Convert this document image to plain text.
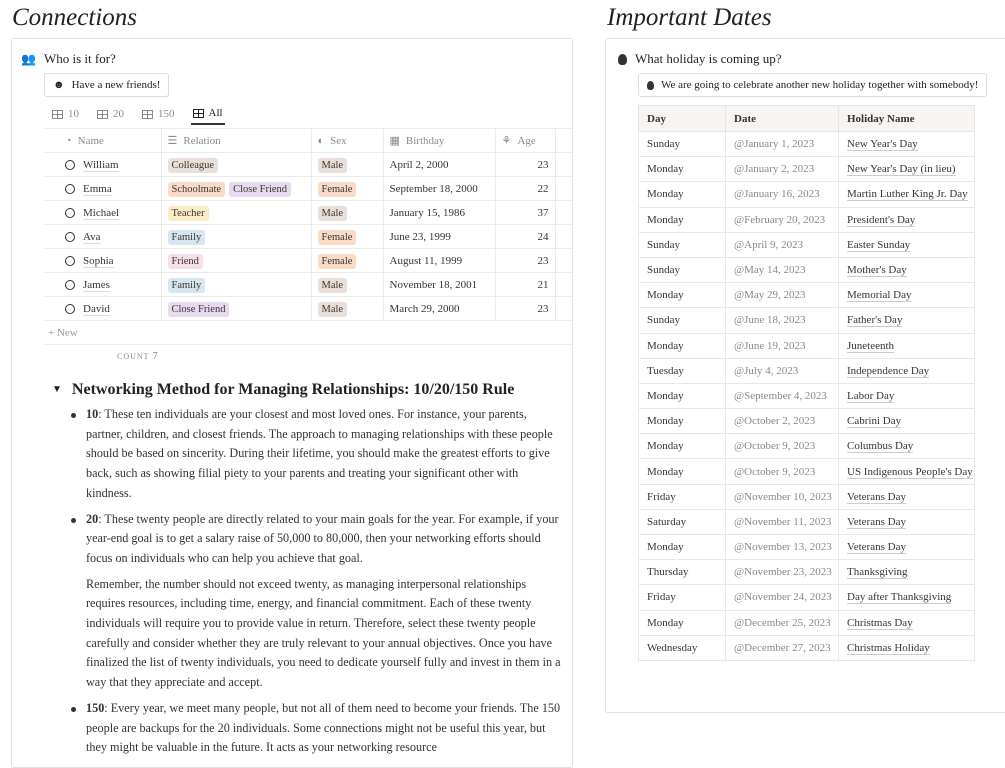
Connections	Important Dates
👥 Who is it for?
☻ Have a new friends!
10	20	150	All
◔ Name	☰ Relation	◐ Sex	▦ Birthday	⚘ Age	
William	Colleague	Male	April 2, 2000	23	
Emma	Schoolmate Close Friend	Female	September 18, 2000	22	
Michael	Teacher	Male	January 15, 1986	37	
Ava	Family	Female	June 23, 1999	24	
Sophia	Friend	Female	August 11, 1999	23	
James	Family	Male	November 18, 2001	21	
David	Close Friend	Male	March 29, 2000	23	
+ New
COUNT 7
▼ Networking Method for Managing Relationships: 10/20/150 Rule

10: These ten individuals are your closest and most loved ones. For instance, your parents, partner, children, and closest friends. The approach to managing relationships with these people should be based on sincerity. During their lifetime, you should make the greatest efforts to give back, such as showing filial piety to your parents and treating your significant other with kindness.

20: These twenty people are directly related to your main goals for the year. For example, if your year-end goal is to get a salary raise of 50,000 to 80,000, then your networking efforts should focus on individuals who can help you achieve that goal.

Remember, the number should not exceed twenty, as managing interpersonal relationships requires resources, including time, energy, and financial commitment. Each of these twenty individuals will require you to provide value in return. Therefore, select these twenty people carefully and consider whether they are truly relevant to your annual objectives. Once you have finalized the list of twenty individuals, you need to dedicate yourself fully and invest in them in a way that they appreciate and accept.

150: Every year, we meet many people, but not all of them need to become your friends. The 150 people are backups for the 20 individuals. Some connections might not be useful this year, but they might be valuable in the future. It acts as your networking resource

What holiday is coming up?
We are going to celebrate another new holiday together with somebody!
Day	Date	Holiday Name
Sunday	@January 1, 2023	New Year's Day
Monday	@January 2, 2023	New Year's Day (in lieu)
Monday	@January 16, 2023	Martin Luther King Jr. Day
Monday	@February 20, 2023	President's Day
Sunday	@April 9, 2023	Easter Sunday
Sunday	@May 14, 2023	Mother's Day
Monday	@May 29, 2023	Memorial Day
Sunday	@June 18, 2023	Father's Day
Monday	@June 19, 2023	Juneteenth
Tuesday	@July 4, 2023	Independence Day
Monday	@September 4, 2023	Labor Day
Monday	@October 2, 2023	Cabrini Day
Monday	@October 9, 2023	Columbus Day
Monday	@October 9, 2023	US Indigenous People's Day
Friday	@November 10, 2023	Veterans Day
Saturday	@November 11, 2023	Veterans Day
Monday	@November 13, 2023	Veterans Day
Thursday	@November 23, 2023	Thanksgiving
Friday	@November 24, 2023	Day after Thanksgiving
Monday	@December 25, 2023	Christmas Day
Wednesday	@December 27, 2023	Christmas Holiday
